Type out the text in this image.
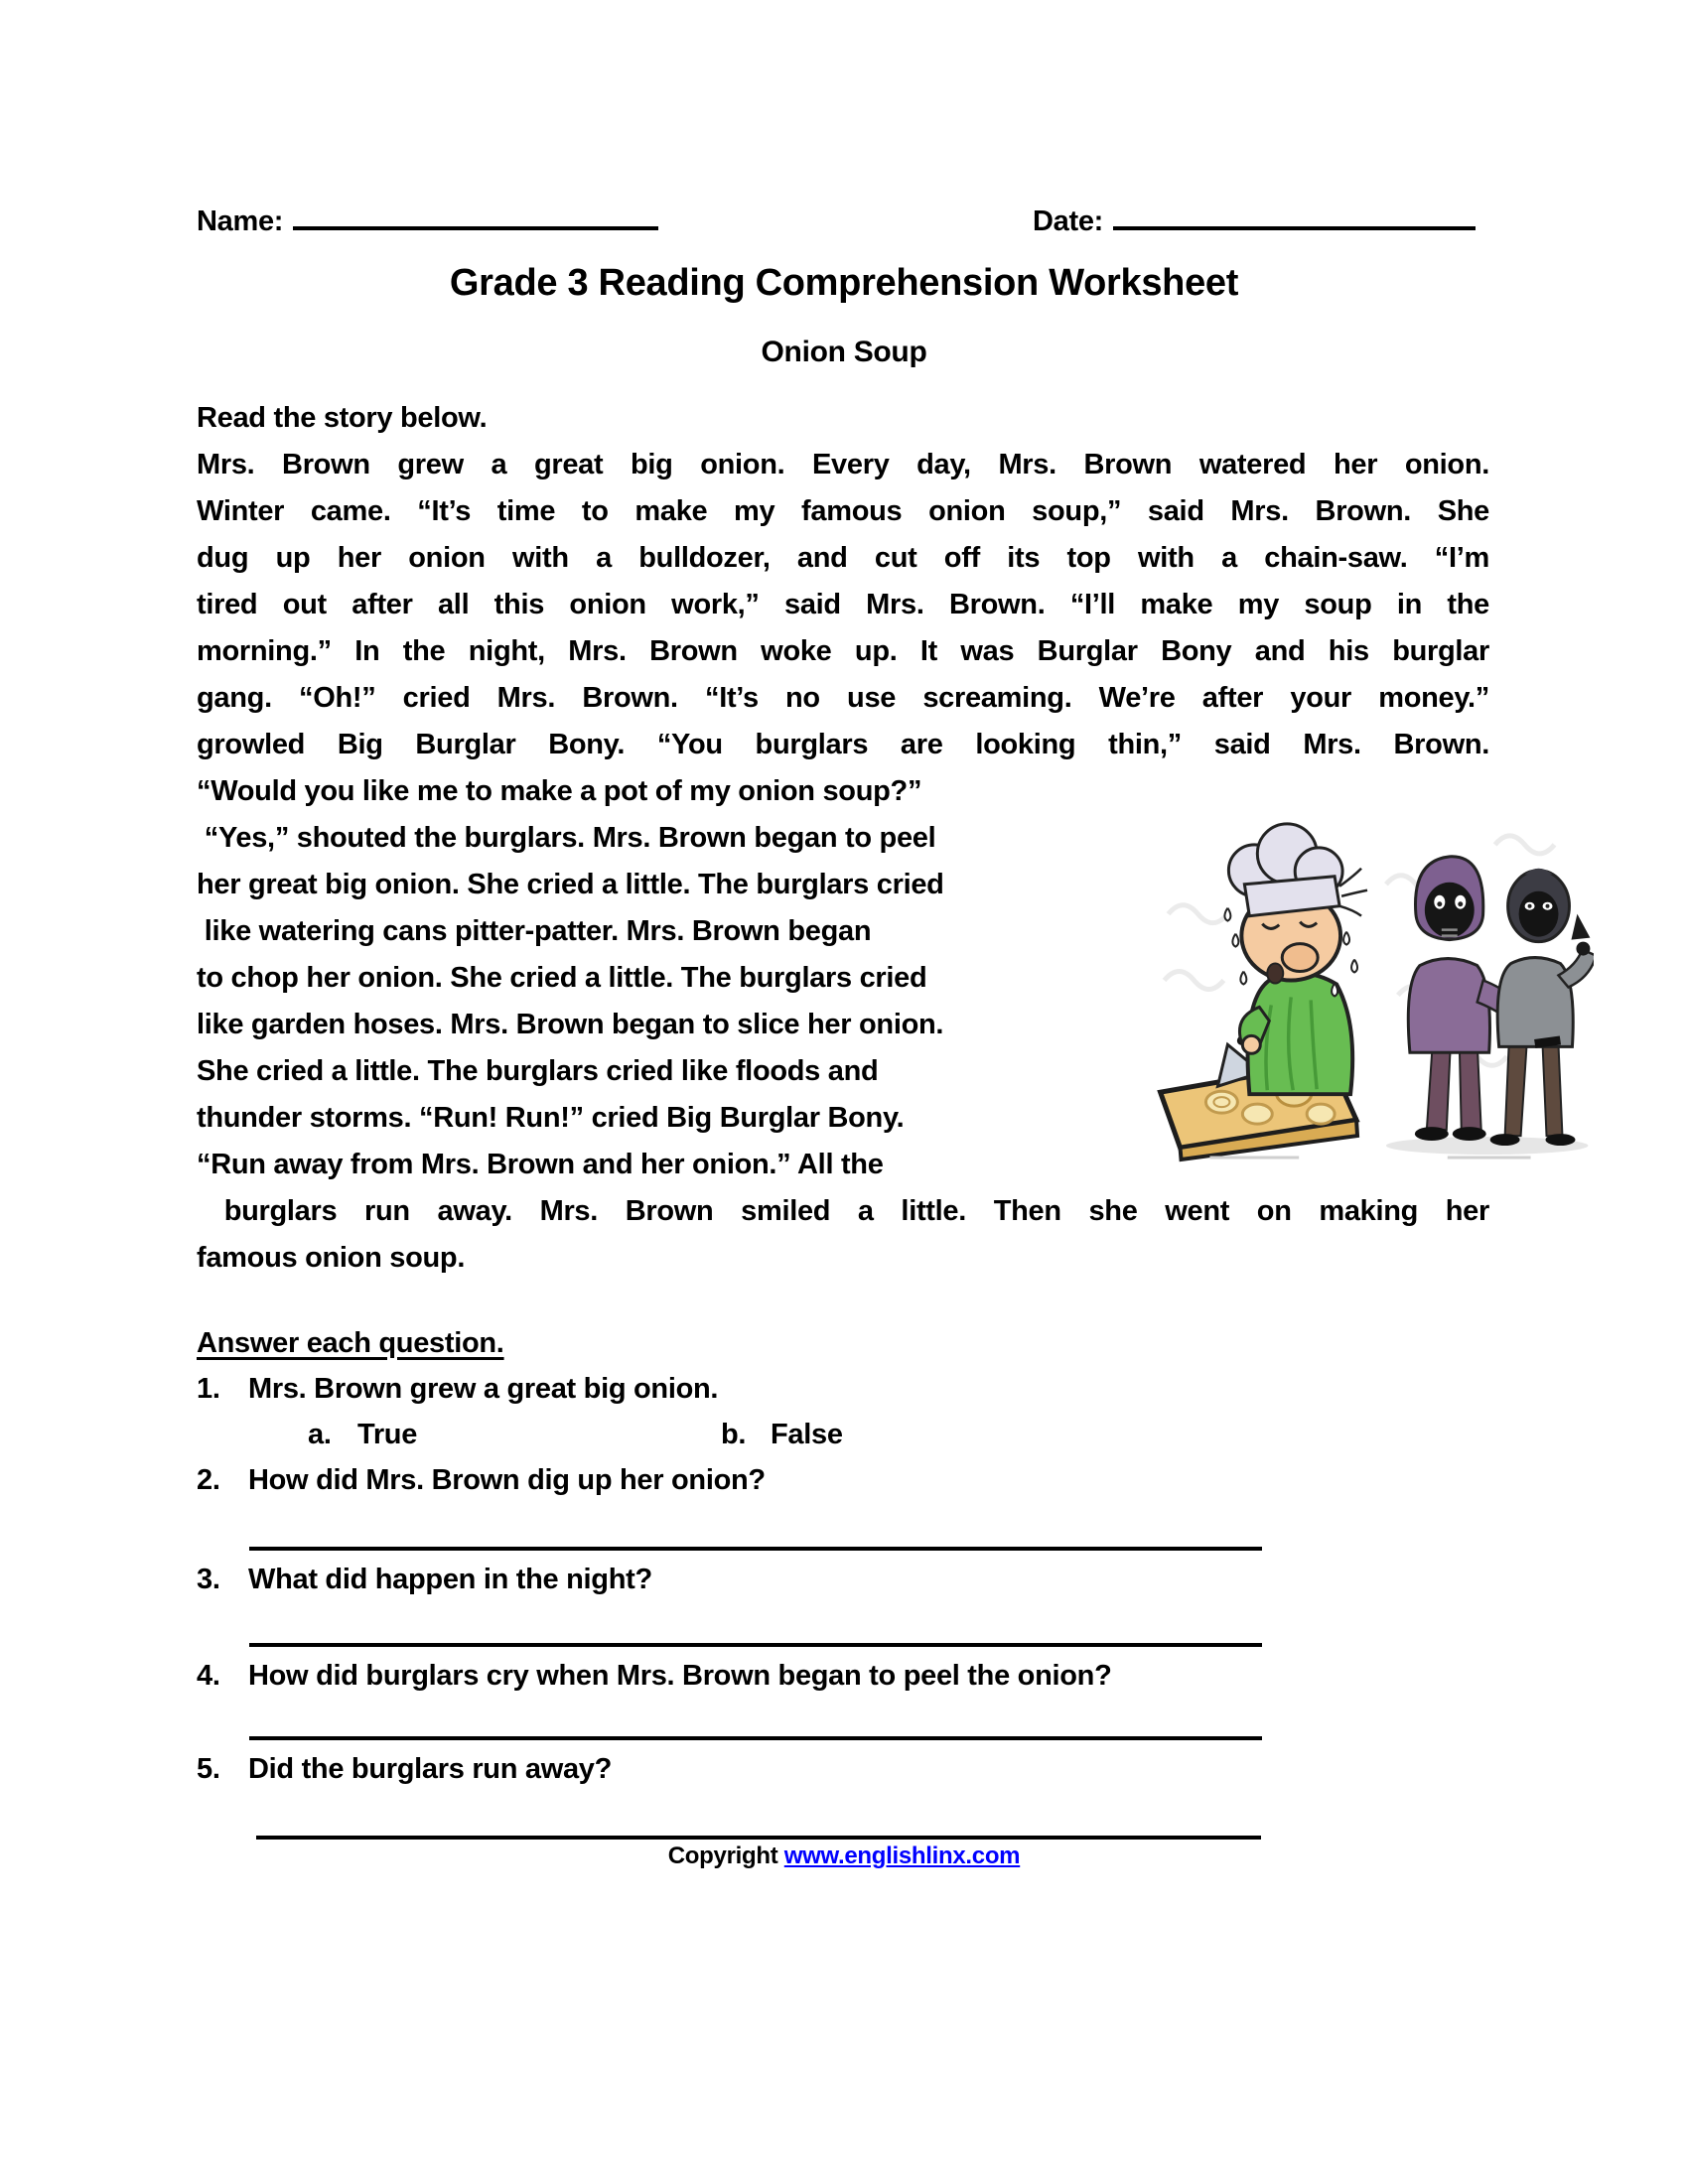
Name:	Date:
Grade 3 Reading Comprehension Worksheet
Onion Soup
Read the story below.
Mrs. Brown grew a great big onion. Every day, Mrs. Brown watered her onion.
Winter came. “It’s time to make my famous onion soup,” said Mrs. Brown. She
dug up her onion with a bulldozer, and cut off its top with a chain-saw. “I’m
tired out after all this onion work,” said Mrs. Brown. “I’ll make my soup in the
morning.” In the night, Mrs. Brown woke up. It was Burglar Bony and his burglar
gang. “Oh!” cried Mrs. Brown. “It’s no use screaming. We’re after your money.”
growled Big Burglar Bony. “You burglars are looking thin,” said Mrs. Brown.
“Would you like me to make a pot of my onion soup?”
“Yes,” shouted the burglars. Mrs. Brown began to peel
her great big onion. She cried a little. The burglars cried
like watering cans pitter-patter. Mrs. Brown began
to chop her onion. She cried a little. The burglars cried
like garden hoses. Mrs. Brown began to slice her onion.
She cried a little. The burglars cried like floods and
thunder storms. “Run! Run!” cried Big Burglar Bony.
“Run away from Mrs. Brown and her onion.” All the
burglars run away. Mrs. Brown smiled a little. Then she went on making her
famous onion soup.
Answer each question.
1. Mrs. Brown grew a great big onion.
a. True	b. False
2. How did Mrs. Brown dig up her onion?
3. What did happen in the night?
4. How did burglars cry when Mrs. Brown began to peel the onion?
5. Did the burglars run away?
Copyright www.englishlinx.com
